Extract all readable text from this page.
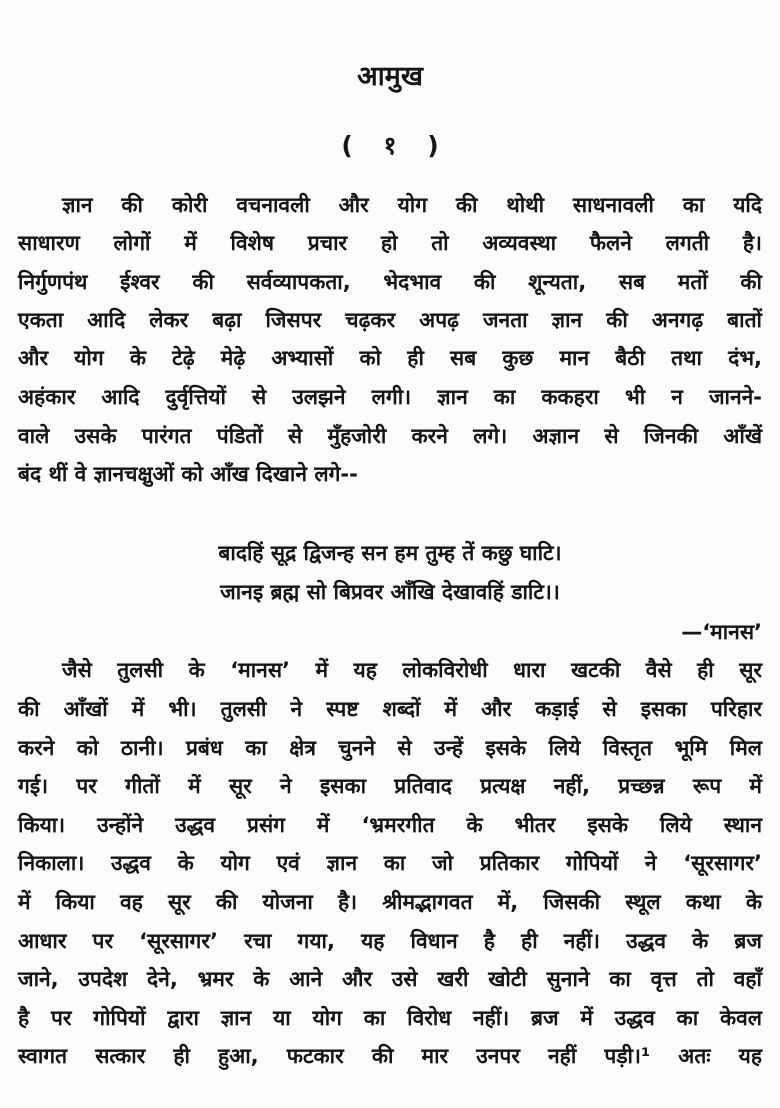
आमुख
( १ )
ज्ञान की कोरी वचनावली और योग की थोथी साधनावली का यदि
साधारण लोगों में विशेष प्रचार हो तो अव्यवस्था फैलने लगती है।
निर्गुणपंथ ईश्वर की सर्वव्यापकता, भेदभाव की शून्यता, सब मतों की
एकता आदि लेकर बढ़ा जिसपर चढ़कर अपढ़ जनता ज्ञान की अनगढ़ बातों
और योग के टेढ़े मेढ़े अभ्यासों को ही सब कुछ मान बैठी तथा दंभ,
अहंकार आदि दुर्वृत्तियों से उलझने लगी। ज्ञान का ककहरा भी न जानने-
वाले उसके पारंगत पंडितों से मुँहजोरी करने लगे। अज्ञान से जिनकी आँखें
बंद थीं वे ज्ञानचक्षुओं को आँख दिखाने लगे--
बादहिं सूद्र द्विजन्ह सन हम तुम्ह तें कछु घाटि।
जानइ ब्रह्म सो बिप्रवर आँखि देखावहिं डाटि।।
—‘मानस’
जैसे तुलसी के ‘मानस’ में यह लोकविरोधी धारा खटकी वैसे ही सूर
की आँखों में भी। तुलसी ने स्पष्ट शब्दों में और कड़ाई से इसका परिहार
करने को ठानी। प्रबंध का क्षेत्र चुनने से उन्हें इसके लिये विस्तृत भूमि मिल
गई। पर गीतों में सूर ने इसका प्रतिवाद प्रत्यक्ष नहीं, प्रच्छन्न रूप में
किया। उन्होंने उद्धव प्रसंग में ‘भ्रमरगीत के भीतर इसके लिये स्थान
निकाला। उद्धव के योग एवं ज्ञान का जो प्रतिकार गोपियों ने ‘सूरसागर’
में किया वह सूर की योजना है। श्रीमद्भागवत में, जिसकी स्थूल कथा के
आधार पर ‘सूरसागर’ रचा गया, यह विधान है ही नहीं। उद्धव के ब्रज
जाने, उपदेश देने, भ्रमर के आने और उसे खरी खोटी सुनाने का वृत्त तो वहाँ
है पर गोपियों द्वारा ज्ञान या योग का विरोध नहीं। ब्रज में उद्धव का केवल
स्वागत सत्कार ही हुआ, फटकार की मार उनपर नहीं पड़ी।¹ अतः यह
